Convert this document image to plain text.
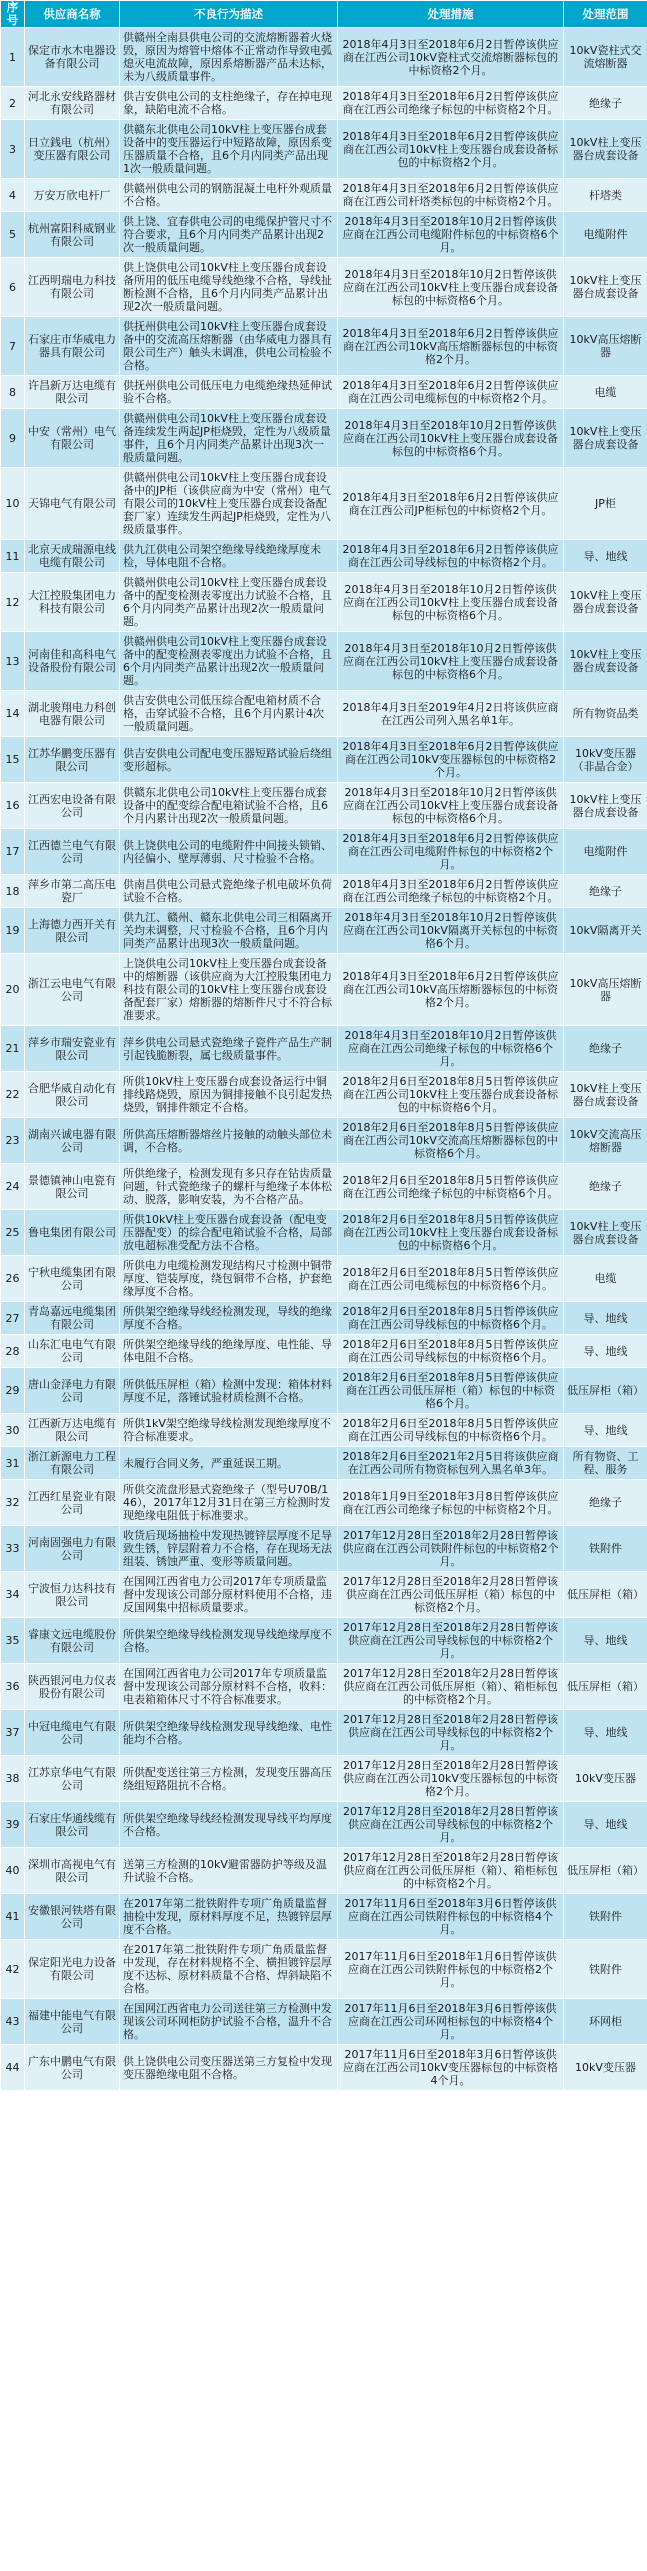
序号	供应商名称	不良行为描述	处理措施	处理范围
1	保定市水木电器设备有限公司	供赣州全南县供电公司的交流熔断器着火烧毁，原因为熔管中熔体不正常动作导致电弧熄灭电流故障，原因系熔断器产品未达标，未为八级质量事件。	2018年4月3日至2018年6月2日暂停该供应商在江西公司10kV瓷柱式交流熔断器标包的中标资格2个月。	10kV瓷柱式交流熔断器
2	河北永安线路器材有限公司	供吉安供电公司的支柱绝缘子，存在掉电现象，缺陷电流不合格。	2018年4月3日至2018年6月2日暂停该供应商在江西公司绝缘子标包的中标资格2个月。	绝缘子
3	日立銭电（杭州）变压器有限公司	供赣东北供电公司10kV柱上变压器台成套设备中的变压器运行中短路故障，原因系变压器质量不合格，且6个月内同类产品出现1次一般质量问题。	2018年4月3日至2018年6月2日暂停该供应商在江西公司10kV柱上变压器台成套设备标包的中标资格2个月。	10kV柱上变压器台成套设备
4	万安万欣电杆厂	供赣州供电公司的钢筋混凝土电杆外观质量不合格。	2018年4月3日至2018年6月2日暂停该供应商在江西公司杆塔类标包的中标资格2个月。	杆塔类
5	杭州富阳科威钢业有限公司	供上饶、宜春供电公司的电缆保护管尺寸不符合要求，且6个月内同类产品累计出现2次一般质量问题。	2018年4月3日至2018年10月2日暂停该供应商在江西公司电缆附件标包的中标资格6个月。	电缆附件
6	江西明瑞电力科技有限公司	供上饶供电公司10kV柱上变压器台成套设备所用的低压电缆导线绝缘不合格，导线扯断检测不合格，且6个月内同类产品累计出现2次一般质量问题。	2018年4月3日至2018年10月2日暂停该供应商在江西公司10kV柱上变压器台成套设备标包的中标资格6个月。	10kV柱上变压器台成套设备
7	石家庄市华威电力器具有限公司	供抚州供电公司10kV柱上变压器台成套设备中的交流高压熔断器（由华威电力器具有限公司生产）触头未调准，供电公司检验不合格。	2018年4月3日至2018年6月2日暂停该供应商在江西公司10kV高压熔断器标包的中标资格2个月。	10kV高压熔断器
8	许昌新万达电缆有限公司	供抚州供电公司低压电力电缆绝缘热延伸试验不合格。	2018年4月3日至2018年6月2日暂停该供应商在江西公司电缆标包的中标资格2个月。	电缆
9	中安（常州）电气有限公司	供赣州供电公司10kV柱上变压器台成套设备连续发生两起JP柜烧毁，定性为八级质量事件，且6个月内同类产品累计出现3次一般质量问题。	2018年4月3日至2018年10月2日暂停该供应商在江西公司10kV柱上变压器台成套设备标包的中标资格6个月。	10kV柱上变压器台成套设备
10	天锦电气有限公司	供赣州供电公司10kV柱上变压器台成套设备中的JP柜（该供应商为中安（常州）电气有限公司的10kV柱上变压器台成套设备配套厂家）连续发生两起JP柜烧毁，定性为八级质量事件。	2018年4月3日至2018年6月2日暂停该供应商在江西公司JP柜标包的中标资格2个月。	JP柜
11	北京天成瑞源电线电缆有限公司	供九江供电公司架空绝缘导线绝缘厚度未检，导体电阻不合格。	2018年4月3日至2018年6月2日暂停该供应商在江西公司导线标包的中标资格2个月。	导、地线
12	大江控股集团电力科技有限公司	供赣州供电公司10kV柱上变压器台成套设备中的配变检测表零度出力试验不合格，且6个月内同类产品累计出现2次一般质量问题。	2018年4月3日至2018年10月2日暂停该供应商在江西公司10kV柱上变压器台成套设备标包的中标资格6个月。	10kV柱上变压器台成套设备
13	河南佳和高科电气设备股份有限公司	供赣州供电公司10kV柱上变压器台成套设备中的配变检测表零度出力试验不合格，且6个月内同类产品累计出现2次一般质量问题。	2018年4月3日至2018年10月2日暂停该供应商在江西公司10kV柱上变压器台成套设备标包的中标资格6个月。	10kV柱上变压器台成套设备
14	湖北骏翔电力科创电器有限公司	供吉安供电公司低压综合配电箱材质不合格，击穿试验不合格，且6个月内累计4次一般质量问题。	2018年4月3日至2019年4月2日将该供应商在江西公司列入黑名单1年。	所有物资品类
15	江苏华鹏变压器有限公司	供吉安供电公司配电变压器短路试验后绕组变形超标。	2018年4月3日至2018年6月2日暂停该供应商在江西公司10kV变压器标包的中标资格2个月。	10kV变压器（非晶合金）
16	江西宏电设备有限公司	供赣东北供电公司10kV柱上变压器台成套设备中的配变综合配电箱试验不合格，且6个月内累计出现2次一般质量问题。	2018年4月3日至2018年10月2日暂停该供应商在江西公司10kV柱上变压器台成套设备标包的中标资格6个月。	10kV柱上变压器台成套设备
17	江西德兰电气有限公司	供上饶供电公司的电缆附件中间接头锁销、内径偏小、壁厚薄弱、尺寸检验不合格。	2018年4月3日至2018年6月2日暂停该供应商在江西公司电缆附件标包的中标资格2个月。	电缆附件
18	萍乡市第二高压电瓷厂	供南昌供电公司悬式瓷绝缘子机电破坏负荷试验不合格。	2018年4月3日至2018年6月2日暂停该供应商在江西公司绝缘子标包的中标资格2个月。	绝缘子
19	上海德力西开关有限公司	供九江、赣州、赣东北供电公司三相隔离开关均未调整，尺寸检验不合格，且6个月内同类产品累计出现3次一般质量问题。	2018年4月3日至2018年10月2日暂停该供应商在江西公司10kV隔离开关标包的中标资格6个月。	10kV隔离开关
20	浙江云电电气有限公司	上饶供电公司10kV柱上变压器台成套设备中的熔断器（该供应商为大江控股集团电力科技有限公司的10kV柱上变压器台成套设备配套厂家）熔断器的熔断件尺寸不符合标准要求。	2018年4月3日至2018年6月2日暂停该供应商在江西公司10kV高压熔断器标包的中标资格2个月。	10kV高压熔断器
21	萍乡市瑞安瓷业有限公司	萍乡供电公司悬式瓷绝缘子瓷件产品生产制引起钱脆断裂，属七级质量事件。	2018年4月3日至2018年10月2日暂停该供应商在江西公司绝缘子标包的中标资格6个月。	绝缘子
22	合肥华威自动化有限公司	所供10kV柱上变压器台成套设备运行中铜排线路烧毁，原因为铜排接触不良引起发热烧毁，钢排件额定不合格。	2018年2月6日至2018年8月5日暂停该供应商在江西公司10kV柱上变压器台成套设备标包的中标资格6个月。	10kV柱上变压器台成套设备
23	湖南兴诚电器有限公司	所供高压熔断器熔丝片接触的动触头部位未调，不合格。	2018年2月6日至2018年8月5日暂停该供应商在江西公司10kV交流高压熔断器标包的中标资格6个月。	10kV交流高压熔断器
24	景德镇神山电瓷有限公司	所供绝缘子，检测发现有多只存在钻齿质量问题，针式瓷绝缘子的螺杆与绝缘子本体松动、脱落，影响安装，为不合格产品。	2018年2月6日至2018年8月5日暂停该供应商在江西公司绝缘子标包的中标资格6个月。	绝缘子
25	鲁电集团有限公司	所供10kV柱上变压器台成套设备（配电变压器配变）的综合配电箱试验不合格，局部放电超标准受配方法不合格。	2018年2月6日至2018年8月5日暂停该供应商在江西公司10kV柱上变压器台成套设备标包的中标资格6个月。	10kV柱上变压器台成套设备
26	宁秋电缆集团有限公司	所供电力电缆检测发现结构尺寸检测中铜带厚度、铠装厚度，绕包铜带不合格，护套绝缘厚度不合格。	2018年2月6日至2018年8月5日暂停该供应商在江西公司电缆标包的中标资格6个月。	电缆
27	青岛嘉远电缆集团有限公司	所供架空绝缘导线经检测发现，导线的绝缘厚度不合格。	2018年2月6日至2018年8月5日暂停该供应商在江西公司导线标包的中标资格6个月。	导、地线
28	山东汇电电气有限公司	所供架空绝缘导线的绝缘厚度、电性能、导体电阻不合格。	2018年2月6日至2018年8月5日暂停该供应商在江西公司导线标包的中标资格6个月。	导、地线
29	唐山金泽电力有限公司	所供低压屏柜（箱）检测中发现：箱体材料厚度不足，落锤试验材质检测不合格。	2018年2月6日至2018年8月5日暂停该供应商在江西公司低压屏柜（箱）标包的中标资格6个月。	低压屏柜（箱）
30	江西新万达电缆有限公司	所供1kV架空绝缘导线检测发现绝缘厚度不符合标准要求。	2018年2月6日至2018年8月5日暂停该供应商在江西公司导线标包的中标资格6个月。	导、地线
31	浙江新源电力工程有限公司	未履行合同义务，严重延误工期。	2018年2月6日至2021年2月5日将该供应商在江西公司所有物资标包列入黑名单3年。	所有物资、工程、服务
32	江西红星瓷业有限公司	所供交流盘形悬式瓷绝缘子（型号U70B/146），2017年12月31日在第三方检测时发现绝缘电阻低于标准要求。	2018年1月9日至2018年3月8日暂停该供应商在江西公司绝缘子标包的中标资格2个月。	绝缘子
33	河南固强电力有限公司	收货后现场抽检中发现热镀锌层厚度不足导致生锈，锌层附着力不合格，存在现场无法组装、锈蚀严重、变形等质量问题。	2017年12月28日至2018年2月28日暂停该供应商在江西公司铁附件标包的中标资格2个月。	铁附件
34	宁波恒力达科技有限公司	在国网江西省电力公司2017年专项质量监督中发现该公司部分原材料使用不合格，违反国网集中招标质量要求。	2017年12月28日至2018年2月28日暂停该供应商在江西公司低压屏柜（箱）标包的中标资格2个月。	低压屏柜（箱）
35	睿康文远电缆股份有限公司	所供架空绝缘导线检测发现导线绝缘厚度不合格。	2017年12月28日至2018年2月28日暂停该供应商在江西公司导线标包的中标资格2个月。	导、地线
36	陕西银河电力仪表股份有限公司	在国网江西省电力公司2017年专项质量监督中发现该公司部分原材料不合格，收料：电表箱箱体尺寸不符合标准要求。	2017年12月28日至2018年2月28日暂停该供应商在江西公司低压屏柜（箱）、箱柜标包的中标资格2个月。	低压屏柜（箱）
37	中冠电缆电气有限公司	所供架空绝缘导线检测发现导线绝缘、电性能均不合格。	2017年12月28日至2018年2月28日暂停该供应商在江西公司导线标包的中标资格2个月。	导、地线
38	江苏京华电气有限公司	所供配变送往第三方检测，发现变压器高压绕组短路阻抗不合格。	2017年12月28日至2018年2月28日暂停该供应商在江西公司10kV变压器标包的中标资格2个月。	10kV变压器
39	石家庄华通线缆有限公司	所供架空绝缘导线经检测发现导线平均厚度不合格。	2017年12月28日至2018年2月28日暂停该供应商在江西公司导线标包的中标资格2个月。	导、地线
40	深圳市高视电气有限公司	送第三方检测的10kV避雷器防护等级及温升试验不合格。	2017年12月28日至2018年2月28日暂停该供应商在江西公司低压屏柜（箱）、箱柜标包的中标资格2个月。	低压屏柜（箱）
41	安徽银河铁塔有限公司	在2017年第二批铁附件专项广角质量监督抽检中发现，原材料厚度不足，热镀锌层厚度不合格。	2017年11月6日至2018年3月6日暂停该供应商在江西公司铁附件标包的中标资格4个月。	铁附件
42	保定阳光电力设备有限公司	在2017年第二批铁附件专项广角质量监督中发现，存在材料规格不全、横担镀锌层厚度不达标、原材料质量不合格、焊斜缺陷不合格。	2017年11月6日至2018年1月6日暂停该供应商在江西公司铁附件标包的中标资格2个月。	铁附件
43	福建中能电气有限公司	在国网江西省电力公司送往第三方检测中发现该公司环网柜防护试验不合格，温升不合格。	2017年11月6日至2018年3月6日暂停该供应商在江西公司环网柜标包的中标资格4个月。	环网柜
44	广东中鹏电气有限公司	供上饶供电公司变压器送第三方复检中发现变压器绝缘电阻不合格。	2017年11月6日至2018年3月6日暂停该供应商在江西公司10kV变压器标包的中标资格4个月。	10kV变压器
